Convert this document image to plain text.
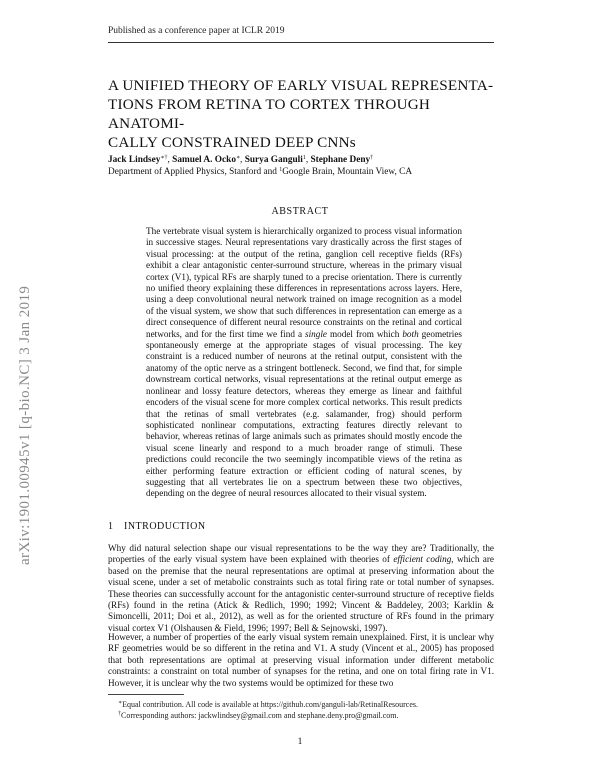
Published as a conference paper at ICLR 2019
A UNIFIED THEORY OF EARLY VISUAL REPRESENTA-
TIONS FROM RETINA TO CORTEX THROUGH ANATOMI-
CALLY CONSTRAINED DEEP CNNs
Jack Lindsey∗†, Samuel A. Ocko∗, Surya Ganguli$^1$, Stephane Deny†
Department of Applied Physics, Stanford and $^1$Google Brain, Mountain View, CA
ABSTRACT
The vertebrate visual system is hierarchically organized to process visual information in successive stages. Neural representations vary drastically across the first stages of visual processing: at the output of the retina, ganglion cell receptive fields (RFs) exhibit a clear antagonistic center-surround structure, whereas in the primary visual cortex (V1), typical RFs are sharply tuned to a precise orientation. There is currently no unified theory explaining these differences in representations across layers. Here, using a deep convolutional neural network trained on image recognition as a model of the visual system, we show that such differences in representation can emerge as a direct consequence of different neural resource constraints on the retinal and cortical networks, and for the first time we find a single model from which both geometries spontaneously emerge at the appropriate stages of visual processing. The key constraint is a reduced number of neurons at the retinal output, consistent with the anatomy of the optic nerve as a stringent bottleneck. Second, we find that, for simple downstream cortical networks, visual representations at the retinal output emerge as nonlinear and lossy feature detectors, whereas they emerge as linear and faithful encoders of the visual scene for more complex cortical networks. This result predicts that the retinas of small vertebrates (e.g. salamander, frog) should perform sophisticated nonlinear computations, extracting features directly relevant to behavior, whereas retinas of large animals such as primates should mostly encode the visual scene linearly and respond to a much broader range of stimuli. These predictions could reconcile the two seemingly incompatible views of the retina as either performing feature extraction or efficient coding of natural scenes, by suggesting that all vertebrates lie on a spectrum between these two objectives, depending on the degree of neural resources allocated to their visual system.
1 INTRODUCTION
Why did natural selection shape our visual representations to be the way they are? Traditionally, the properties of the early visual system have been explained with theories of efficient coding, which are based on the premise that the neural representations are optimal at preserving information about the visual scene, under a set of metabolic constraints such as total firing rate or total number of synapses. These theories can successfully account for the antagonistic center-surround structure of receptive fields (RFs) found in the retina (Atick & Redlich, 1990; 1992; Vincent & Baddeley, 2003; Karklin & Simoncelli, 2011; Doi et al., 2012), as well as for the oriented structure of RFs found in the primary visual cortex V1 (Olshausen & Field, 1996; 1997; Bell & Sejnowski, 1997).
However, a number of properties of the early visual system remain unexplained. First, it is unclear why RF geometries would be so different in the retina and V1. A study (Vincent et al., 2005) has proposed that both representations are optimal at preserving visual information under different metabolic constraints: a constraint on total number of synapses for the retina, and one on total firing rate in V1. However, it is unclear why the two systems would be optimized for these two
∗Equal contribution. All code is available at https://github.com/ganguli-lab/RetinalResources.
†Corresponding authors: jackwlindsey@gmail.com and stephane.deny.pro@gmail.com.
1
arXiv:1901.00945v1 [q-bio.NC] 3 Jan 2019
